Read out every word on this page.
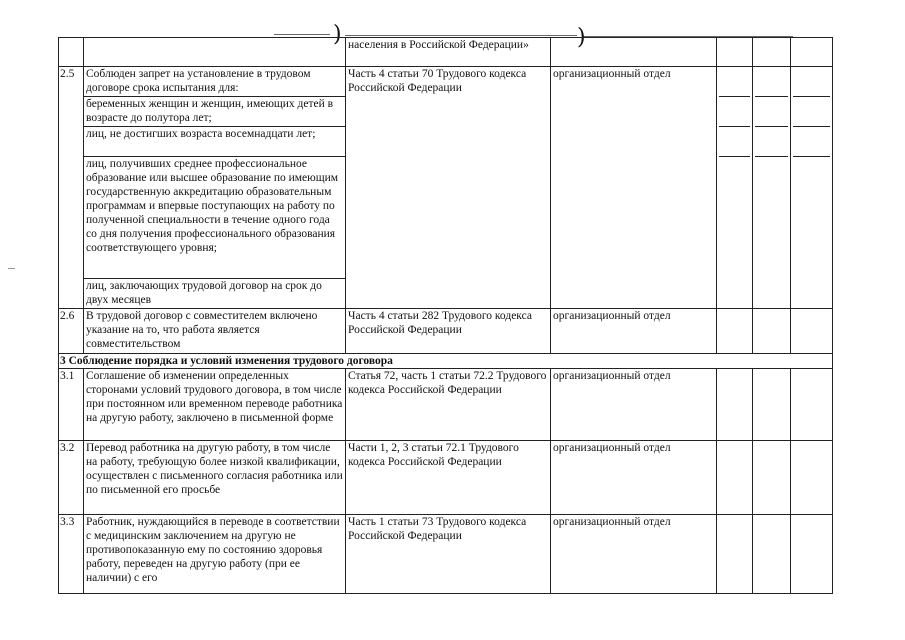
)	)
		населения в Российской Федерации»				
2.5	Соблюден запрет на установление в трудовом договоре срока испытания для:
беременных женщин и женщин, имеющих детей в возрасте до полутора лет;
лиц, не достигших возраста восемнадцати лет;
лиц, получивших среднее профессиональное образование или высшее образование по имеющим государственную аккредитацию образовательным программам и впервые поступающих на работу по полученной специальности в течение одного года со дня получения профессионального образования соответствующего уровня;
лиц, заключающих трудовой договор на срок до двух месяцев	Часть 4 статьи 70 Трудового кодекса Российской Федерации	организационный отдел	

2.6	В трудовой договор с совместителем включено указание на то, что работа является совместительством	Часть 4 статьи 282 Трудового кодекса Российской Федерации	организационный отдел			
3 Соблюдение порядка и условий изменения трудового договора						
3.1	Соглашение об изменении определенных сторонами условий трудового договора, в том числе при постоянном или временном переводе работника на другую работу, заключено в письменной форме	Статья 72, часть 1 статьи 72.2 Трудового кодекса Российской Федерации	организационный отдел			
3.2	Перевод работника на другую работу, в том числе на работу, требующую более низкой квалификации, осуществлен с письменного согласия работника или по письменной его просьбе	Части 1, 2, 3 статьи 72.1 Трудового кодекса Российской Федерации	организационный отдел			
3.3	Работник, нуждающийся в переводе в соответствии с медицинским заключением на другую не противопоказанную ему по состоянию здоровья работу, переведен на другую работу (при ее наличии) с его	Часть 1 статьи 73 Трудового кодекса Российской Федерации	организационный отдел			
